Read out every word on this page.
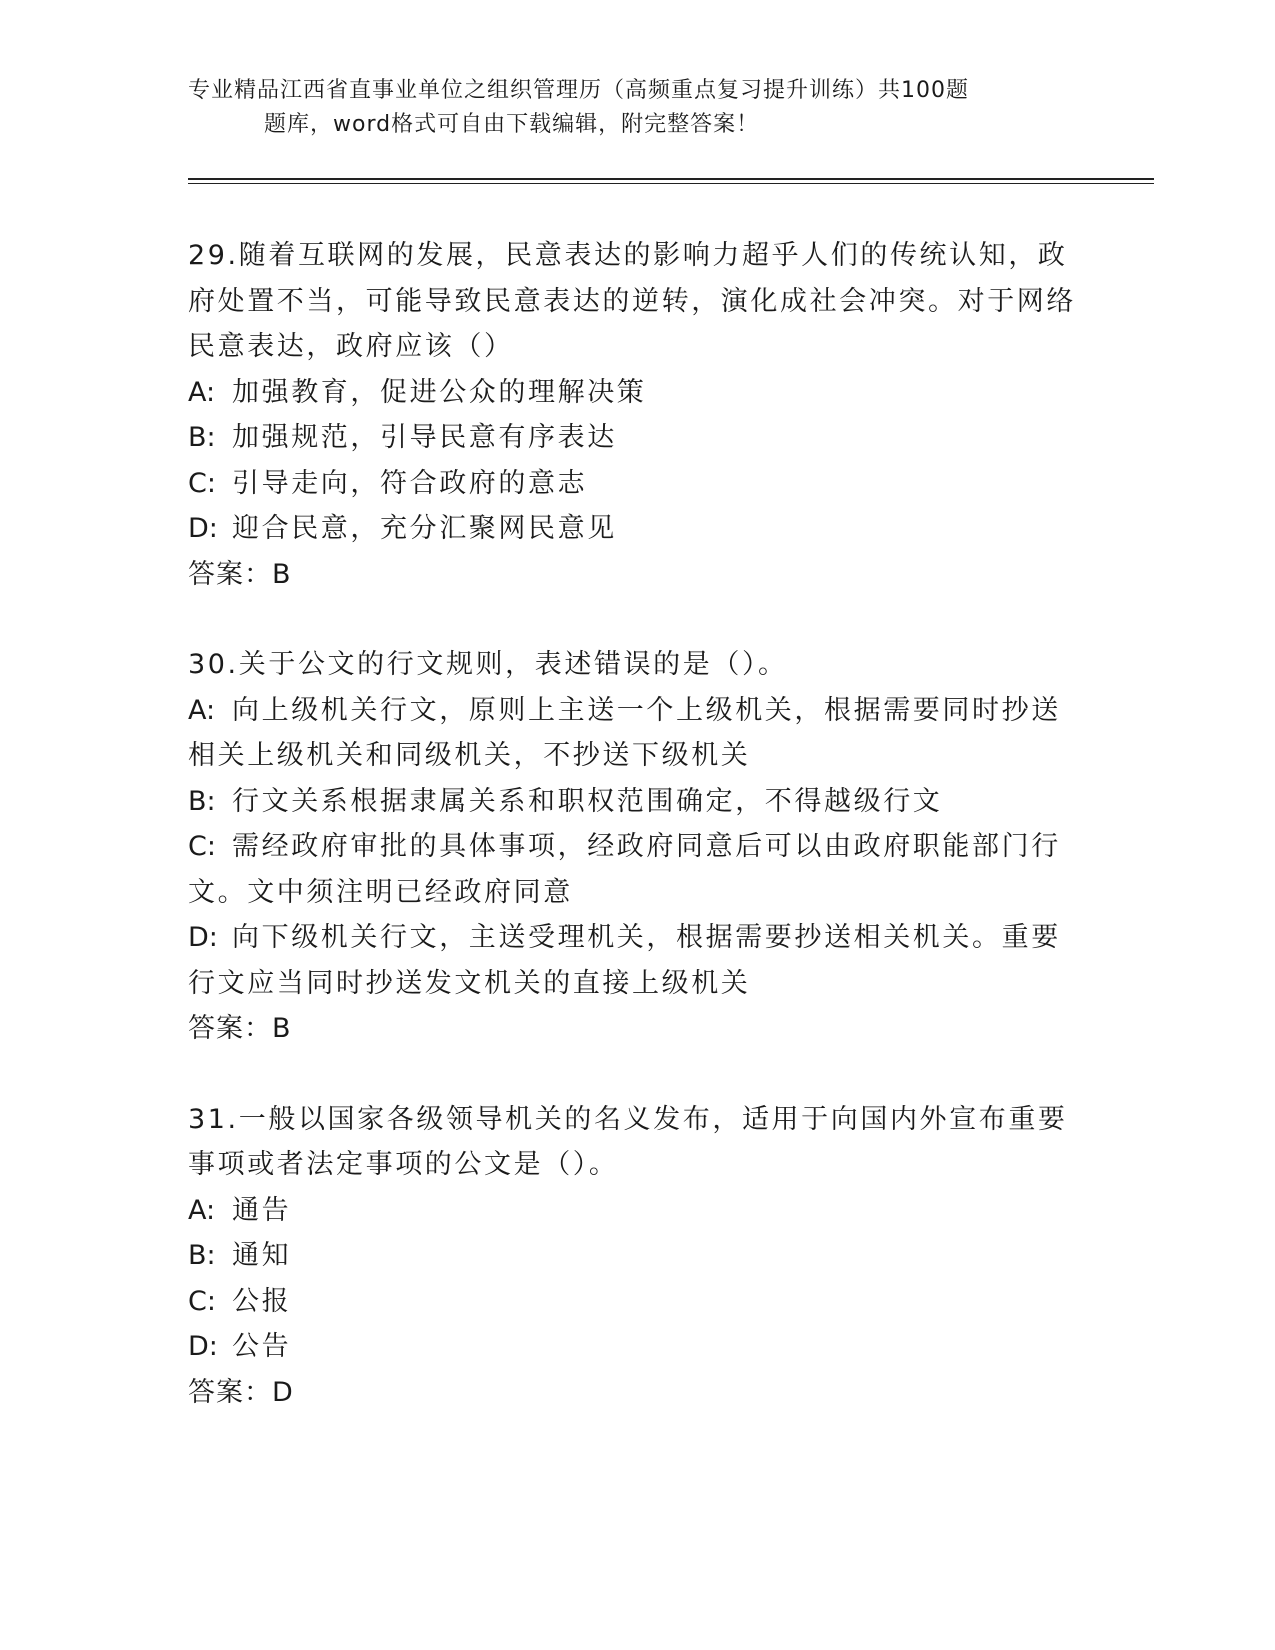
专业精品江西省直事业单位之组织管理历（高频重点复习提升训练）共100题
题库，word格式可自由下载编辑，附完整答案！

29.随着互联网的发展，民意表达的影响力超乎人们的传统认知，政府处置不当，可能导致民意表达的逆转，演化成社会冲突。对于网络民意表达，政府应该（）

A: 加强教育，促进公众的理解决策

B: 加强规范，引导民意有序表达

C: 引导走向，符合政府的意志

D: 迎合民意，充分汇聚网民意见

答案：B

30.关于公文的行文规则，表述错误的是（）。

A: 向上级机关行文，原则上主送一个上级机关，根据需要同时抄送相关上级机关和同级机关，不抄送下级机关

B: 行文关系根据隶属关系和职权范围确定，不得越级行文

C: 需经政府审批的具体事项，经政府同意后可以由政府职能部门行文。文中须注明已经政府同意

D: 向下级机关行文，主送受理机关，根据需要抄送相关机关。重要行文应当同时抄送发文机关的直接上级机关

答案：B

31.一般以国家各级领导机关的名义发布，适用于向国内外宣布重要事项或者法定事项的公文是（）。

A: 通告

B: 通知

C: 公报

D: 公告

答案：D
